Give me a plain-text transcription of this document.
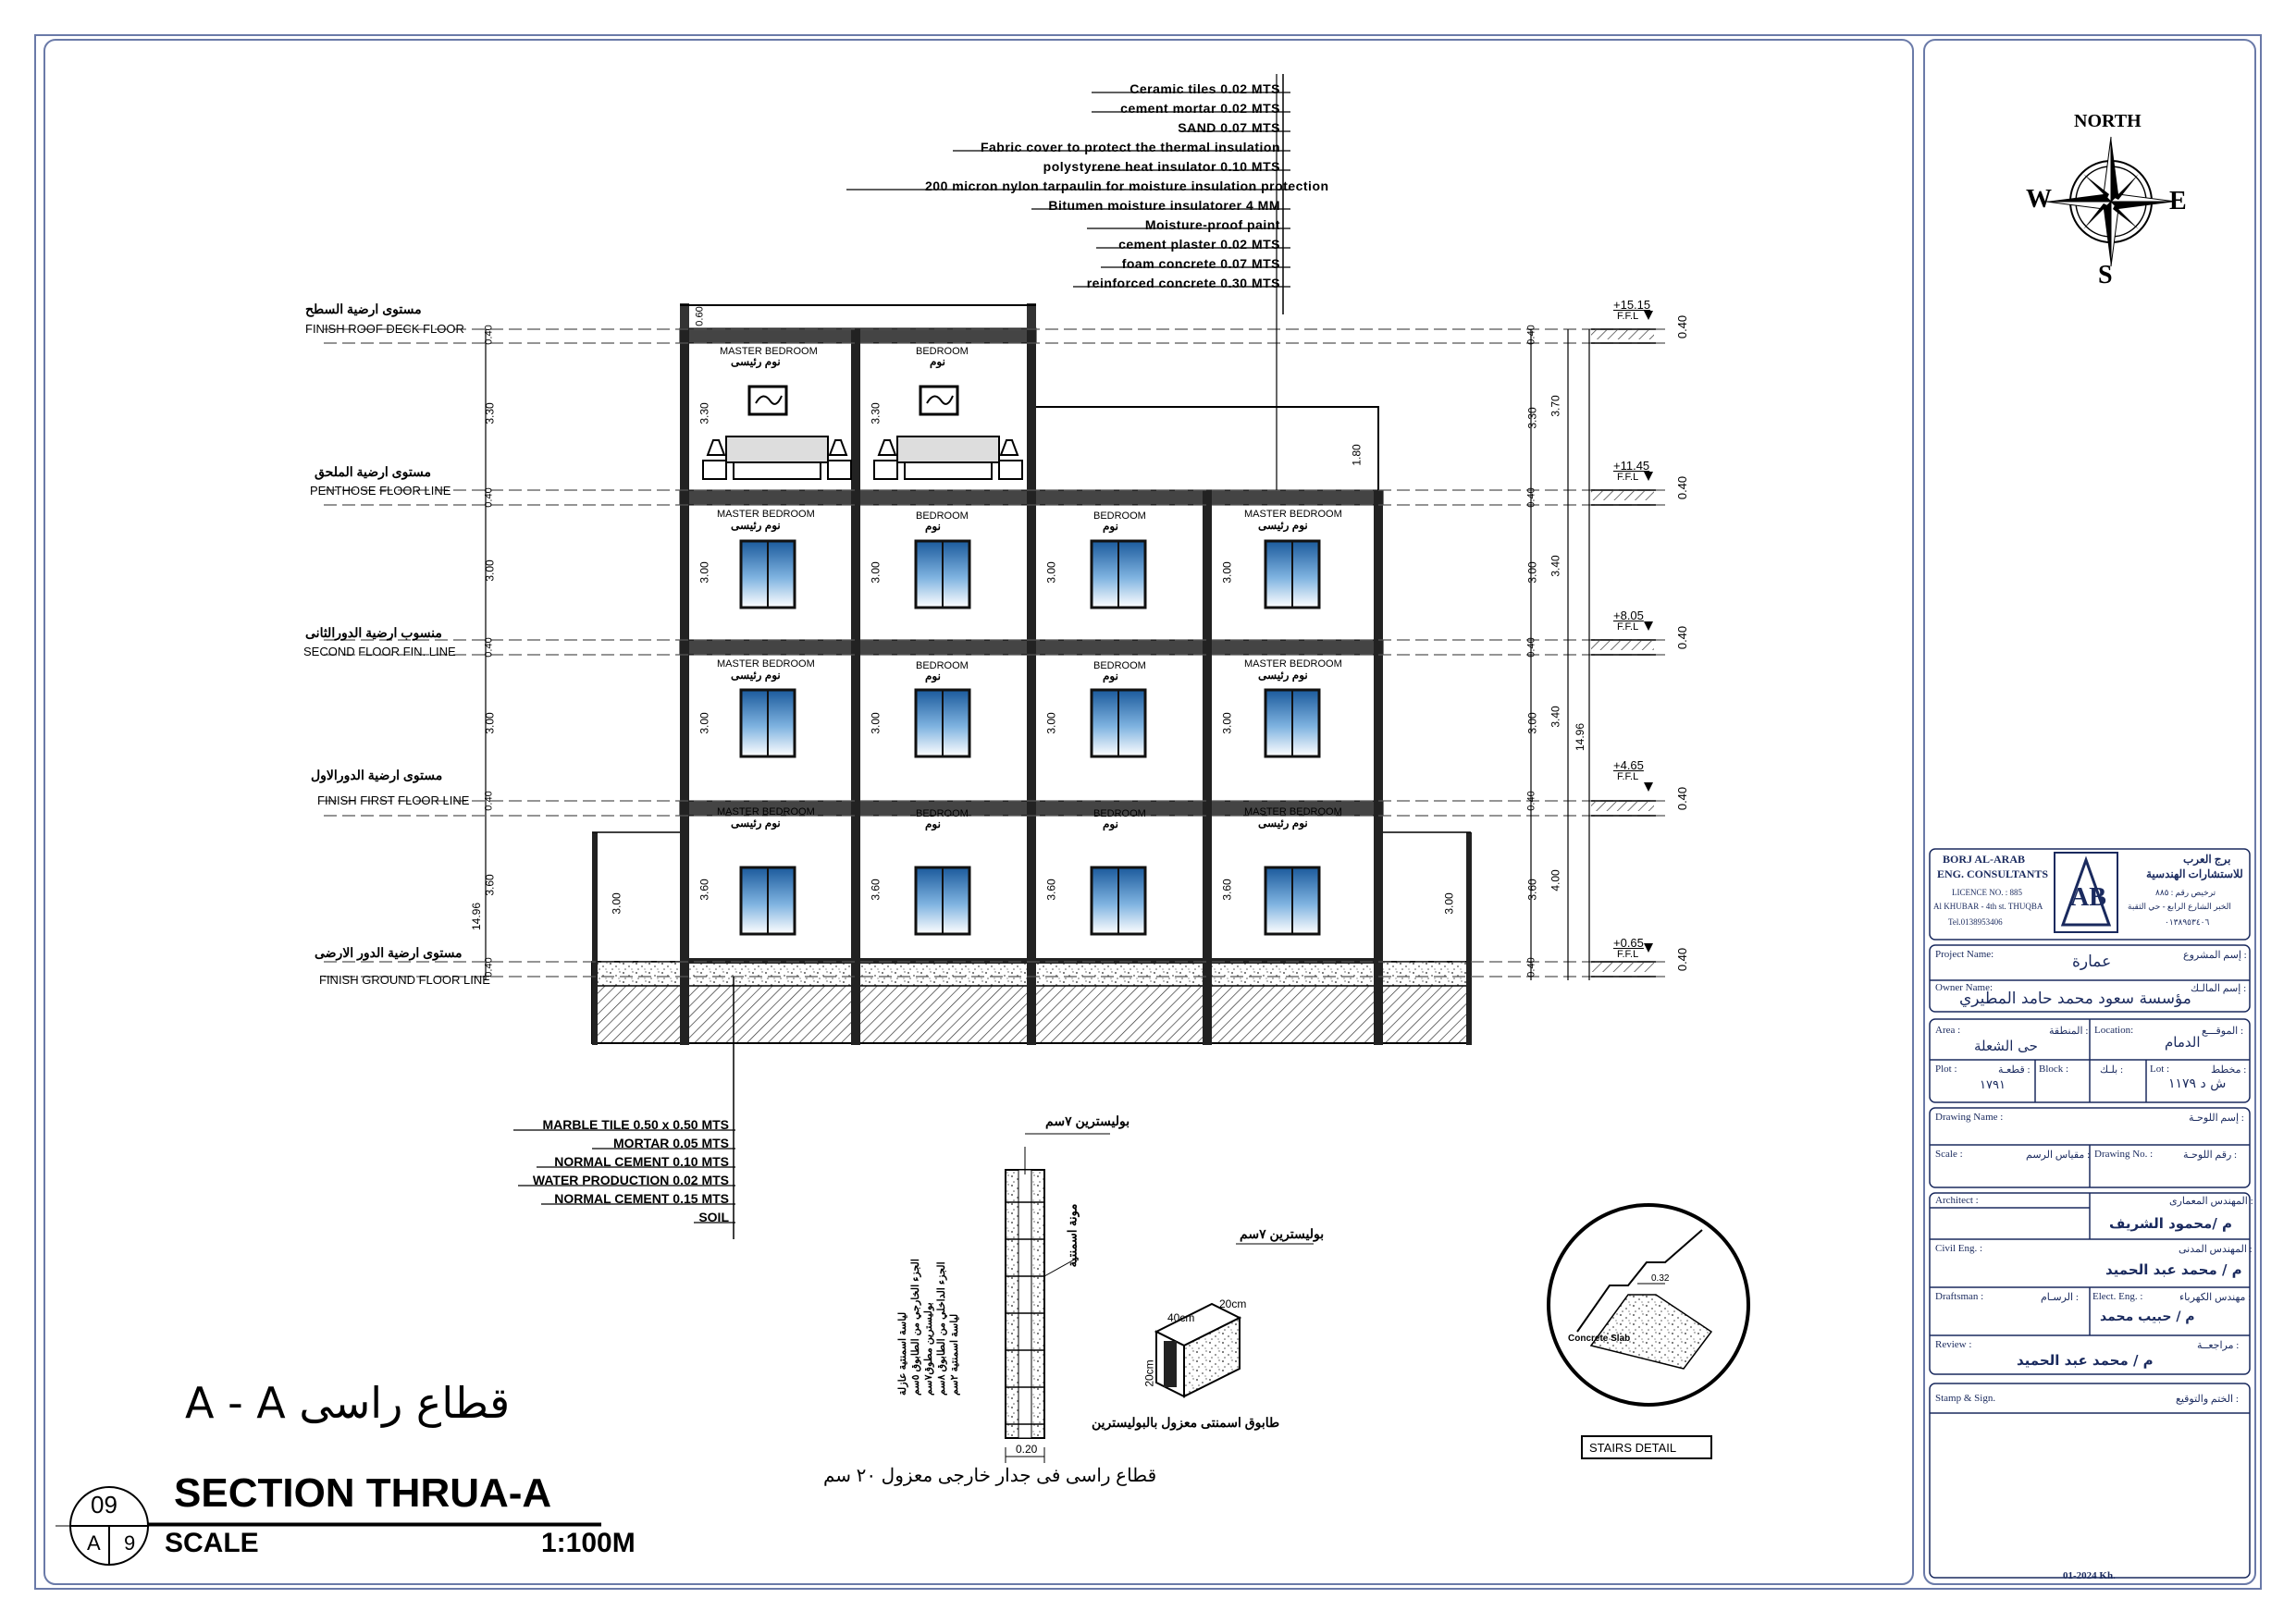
Ceramic tiles 0.02 MTS
cement mortar 0.02 MTS
SAND 0.07 MTS
Fabric cover to protect the thermal insulation
polystyrene heat insulator 0.10 MTS
200 micron nylon tarpaulin for moisture insulation protection
Bitumen moisture insulatorer 4 MM
Moisture-proof paint
cement plaster 0.02 MTS
foam concrete 0.07 MTS
reinforced concrete 0.30 MTS
MARBLE TILE 0.50 x 0.50 MTS
MORTAR 0.05 MTS
NORMAL CEMENT 0.10 MTS
WATER PRODUCTION 0.02 MTS
NORMAL CEMENT 0.15 MTS
SOIL
مستوى ارضية السطح
FINISH ROOF DECK FLOOR
مستوى ارضية الملحق
PENTHOSE FLOOR LINE
منسوب ارضية الدورالثانى
SECOND FLOOR FIN. LINE
مستوى ارضية الدورالاول
FINISH FIRST FLOOR LINE
مستوى ارضية الدور الارضى
FINISH GROUND FLOOR LINE
+15.15
F.F.L
+11.45
F.F.L
+8.05
F.F.L
+4.65
F.F.L
+0.65
F.F.L
0.40
0.40
0.40
0.40
0.40
MASTER BEDROOM
نوم رئيسى
BEDROOM
نوم
MASTER BEDROOM
نوم رئيسى
BEDROOM
نوم
BEDROOM
نوم
MASTER BEDROOM
نوم رئيسى
MASTER BEDROOM
نوم رئيسى
BEDROOM
نوم
BEDROOM
نوم
MASTER BEDROOM
نوم رئيسى
MASTER BEDROOM
نوم رئيسى
BEDROOM
نوم
BEDROOM
نوم
MASTER BEDROOM
نوم رئيسى
3.30
3.00
3.00
3.60
14.96
3.30	3.30
3.00	3.00	3.00	3.00
3.00	3.00	3.00	3.00
3.60	3.60	3.60	3.60
3.00	3.00
0.60
1.80
3.30
3.00
3.00
3.60
3.70
3.40
3.40
4.00
14.96
0.40
0.40
0.40
0.40
0.40
0.40
0.40
0.40
0.40
0.40
بوليسترين ٧سم
مونة اسمنتية
لياسة اسمنتية عازلة الجزء الخارجي من الطابوق ٥سم
بوليسترين مطوق٧سم
الجزء الداخلي من الطابوق ٨سم
لياسة اسمنتية ٢سم
0.20
بوليسترين ٧سم
40cm
20cm
20cm
طابوق اسمنتى معزول بالبوليسترين
قطاع راسى فى جدار خارجى معزول ٢٠ سم
Concrete Slab
0.32
STAIRS DETAIL
قطاع راسى A - A
SECTION THRUA-A
SCALE	1:100M
09
A 9
NORTH
W	E
S
BORJ AL-ARAB
ENG. CONSULTANTS
LICENCE NO. : 885
Al KHUBAR - 4th st. THUQBA
Tel.0138953406
برج العرب
للاستشارات الهندسية
ترخيص رقم : ٨٨٥
الخبر الشارع الرابع - حي الثقبة
٠١٣٨٩٥٣٤٠٦
AB
Project Name:	إسم المشروع :
عمارة
Owner Name:	إسم المالـك :
مؤسسة سعود محمد حامد المطيري
Area :	المنطقة :
حى الشعلة
Location:	الموقـــع :
الدمام
Plot :	قطعـة :
١٧٩١
Block :	بلـك :	Lot :	مخطط :
ش د ١١٧٩
Drawing Name :	إسم اللوحـة :
Scale :	مقياس الرسم : Drawing No. :	رقم اللوحـة :
Architect :	المهندس المعمارى :
م /محمود الشريف
Civil Eng. :	المهندس المدنى :
م / محمد عبد الحميد
Draftsman :	الرسـام : Elect. Eng. :	مهندس الكهرباء :
م / حبيب محمد
Review :	مراجعــة :
م / محمد عبد الحميد
Stamp & Sign.	الختم والتوقيع :
01-2024 Kh.
